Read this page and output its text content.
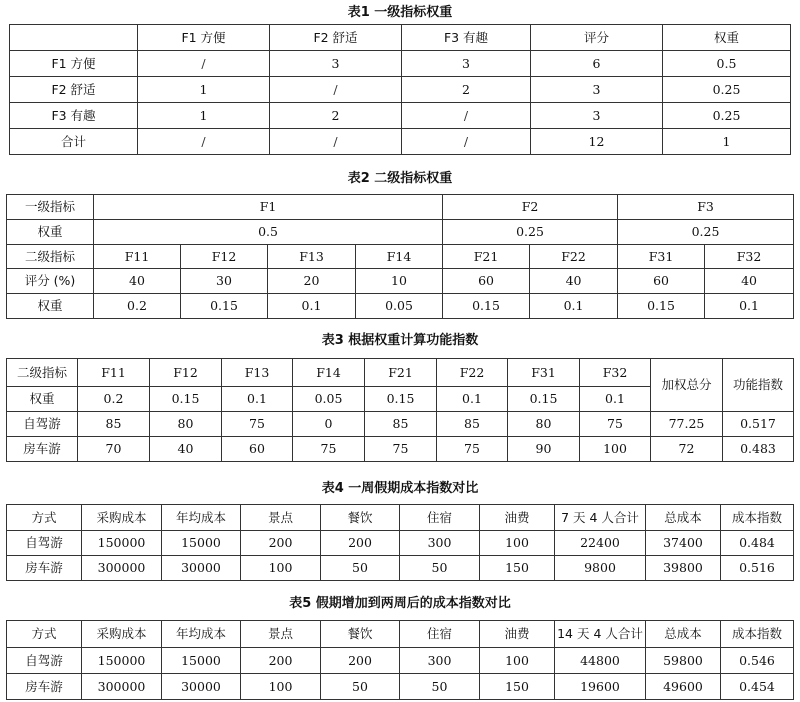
表1 一级指标权重
	F1 方便	F2 舒适	F3 有趣	评分	权重
F1 方便	/	3	3	6	0.5
F2 舒适	1	/	2	3	0.25
F3 有趣	1	2	/	3	0.25
合计	/	/	/	12	1
表2 二级指标权重
一级指标	F1				F2		F3	
权重	0.5				0.25		0.25	
二级指标	F11	F12	F13	F14	F21	F22	F31	F32
评分 (%)	40	30	20	10	60	40	60	40
权重	0.2	0.15	0.1	0.05	0.15	0.1	0.15	0.1
表3 根据权重计算功能指数
二级指标	F11	F12	F13	F14	F21	F22	F31	F32	加权总分	功能指数
权重	0.2	0.15	0.1	0.05	0.15	0.1	0.15	0.1		
自驾游	85	80	75	0	85	85	80	75	77.25	0.517
房车游	70	40	60	75	75	75	90	100	72	0.483
表4 一周假期成本指数对比
方式	采购成本	年均成本	景点	餐饮	住宿	油费	7 天 4 人合计	总成本	成本指数
自驾游	150000	15000	200	200	300	100	22400	37400	0.484
房车游	300000	30000	100	50	50	150	9800	39800	0.516
表5 假期增加到两周后的成本指数对比
方式	采购成本	年均成本	景点	餐饮	住宿	油费	14 天 4 人合计	总成本	成本指数
自驾游	150000	15000	200	200	300	100	44800	59800	0.546
房车游	300000	30000	100	50	50	150	19600	49600	0.454
